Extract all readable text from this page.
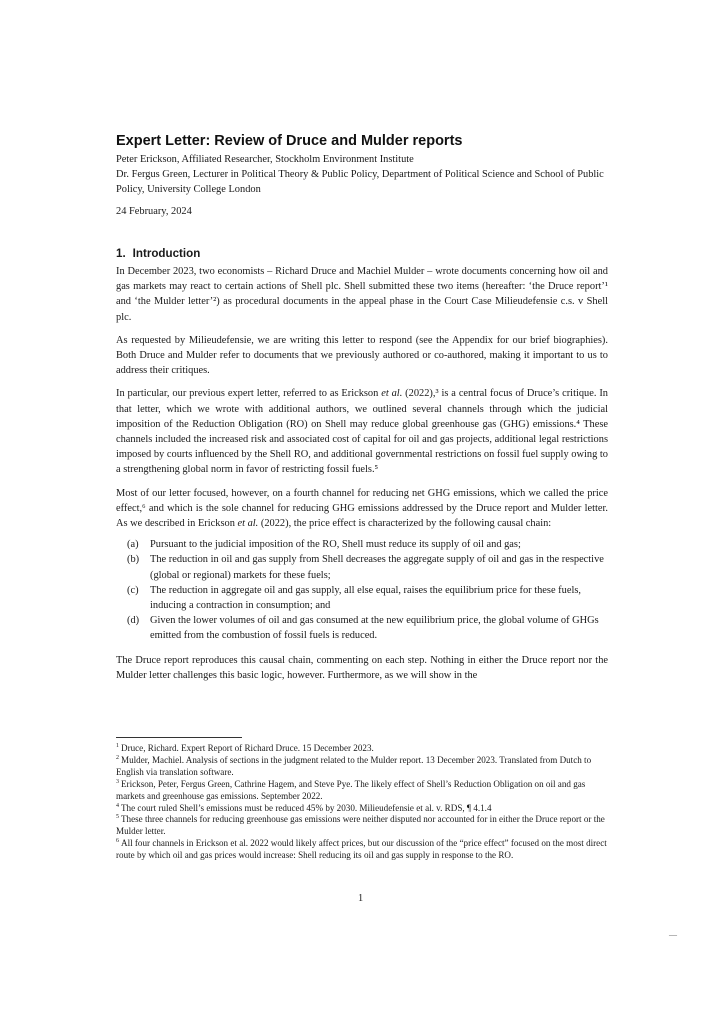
Expert Letter: Review of Druce and Mulder reports

Peter Erickson, Affiliated Researcher, Stockholm Environment Institute

Dr. Fergus Green, Lecturer in Political Theory & Public Policy, Department of Political Science and School of Public Policy, University College London

24 February, 2024

1. Introduction

In December 2023, two economists – Richard Druce and Machiel Mulder – wrote documents concerning how oil and gas markets may react to certain actions of Shell plc. Shell submitted these two items (hereafter: ‘the Druce report’¹ and ‘the Mulder letter’²) as procedural documents in the appeal phase in the Court Case Milieudefensie c.s. v Shell plc.

As requested by Milieudefensie, we are writing this letter to respond (see the Appendix for our brief biographies). Both Druce and Mulder refer to documents that we previously authored or co-authored, making it important to us to address their critiques.

In particular, our previous expert letter, referred to as Erickson et al. (2022),³ is a central focus of Druce’s critique. In that letter, which we wrote with additional authors, we outlined several channels through which the judicial imposition of the Reduction Obligation (RO) on Shell may reduce global greenhouse gas (GHG) emissions.⁴ These channels included the increased risk and associated cost of capital for oil and gas projects, additional legal restrictions imposed by courts influenced by the Shell RO, and additional governmental restrictions on fossil fuel supply owing to a strengthening global norm in favor of restricting fossil fuels.⁵

Most of our letter focused, however, on a fourth channel for reducing net GHG emissions, which we called the price effect,⁶ and which is the sole channel for reducing GHG emissions addressed by the Druce report and Mulder letter. As we described in Erickson et al. (2022), the price effect is characterized by the following causal chain:

(a) Pursuant to the judicial imposition of the RO, Shell must reduce its supply of oil and gas;
(b) The reduction in oil and gas supply from Shell decreases the aggregate supply of oil and gas in the respective (global or regional) markets for these fuels;
(c) The reduction in aggregate oil and gas supply, all else equal, raises the equilibrium price for these fuels, inducing a contraction in consumption; and
(d) Given the lower volumes of oil and gas consumed at the new equilibrium price, the global volume of GHGs emitted from the combustion of fossil fuels is reduced.

The Druce report reproduces this causal chain, commenting on each step. Nothing in either the Druce report nor the Mulder letter challenges this basic logic, however. Furthermore, as we will show in the

$^1$ Druce, Richard. Expert Report of Richard Druce. 15 December 2023.

$^2$ Mulder, Machiel. Analysis of sections in the judgment related to the Mulder report. 13 December 2023. Translated from Dutch to English via translation software.

$^3$ Erickson, Peter, Fergus Green, Cathrine Hagem, and Steve Pye. The likely effect of Shell’s Reduction Obligation on oil and gas markets and greenhouse gas emissions. September 2022.

$^4$ The court ruled Shell’s emissions must be reduced 45% by 2030. Milieudefensie et al. v. RDS, ¶ 4.1.4

$^5$ These three channels for reducing greenhouse gas emissions were neither disputed nor accounted for in either the Druce report or the Mulder letter.

$^6$ All four channels in Erickson et al. 2022 would likely affect prices, but our discussion of the “price effect” focused on the most direct route by which oil and gas prices would increase: Shell reducing its oil and gas supply in response to the RO.

1
—
